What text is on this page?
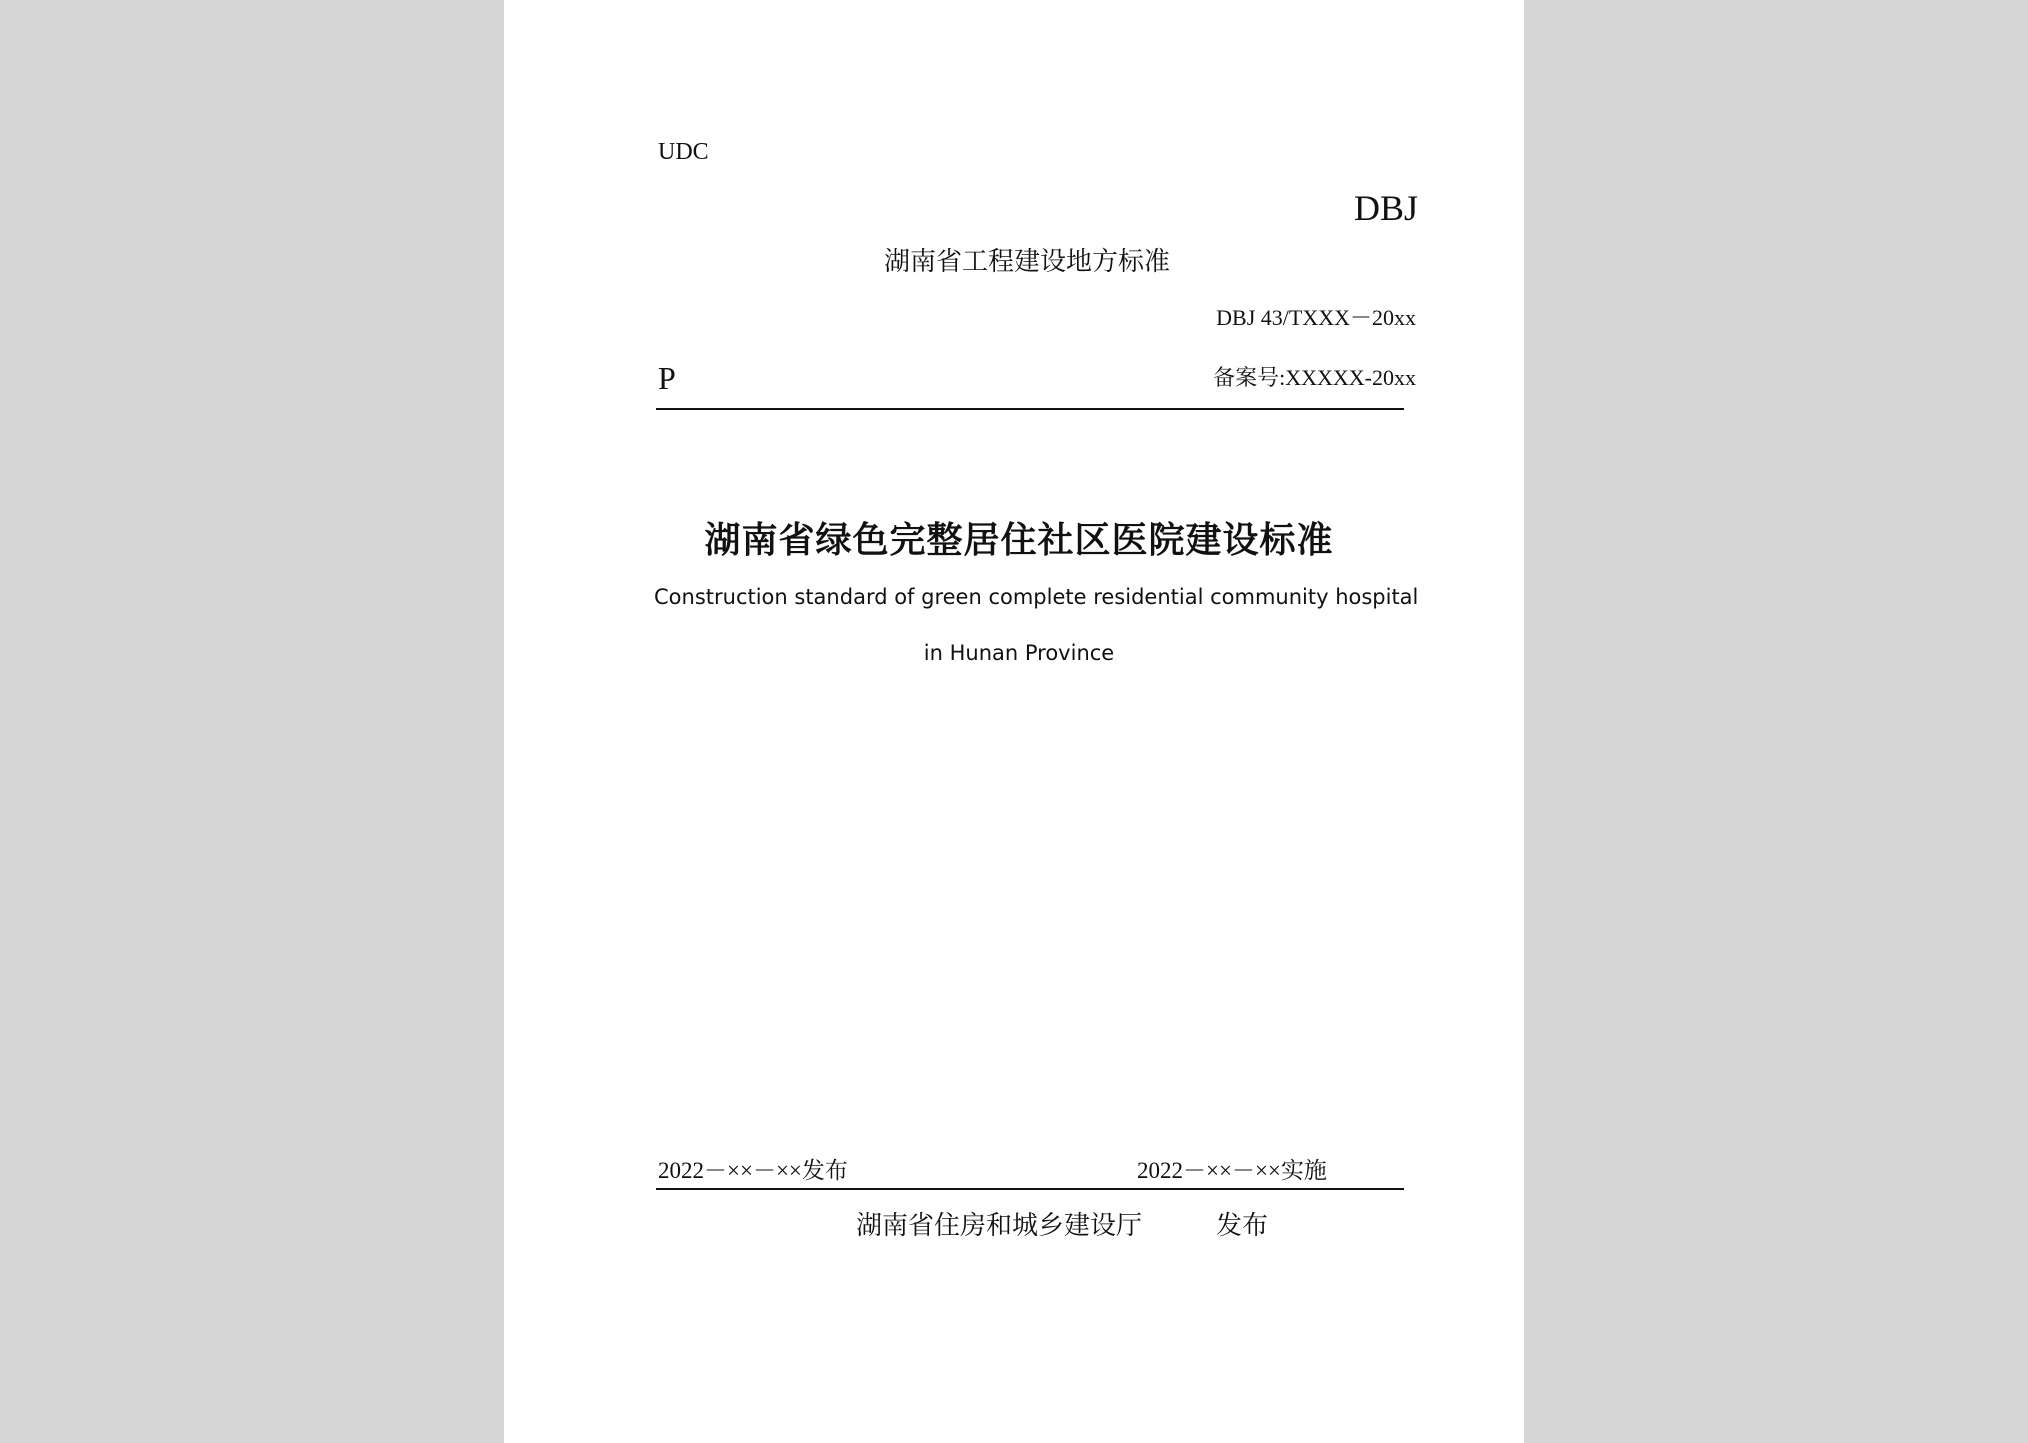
UDC
DBJ
湖南省工程建设地方标准
DBJ 43/TXXX－20xx
P	备案号:XXXXX-20xx
湖南省绿色完整居住社区医院建设标准
Construction standard of green complete residential community hospital
in Hunan Province
2022－××－××发布	2022－××－××实施
湖南省住房和城乡建设厅	发布
